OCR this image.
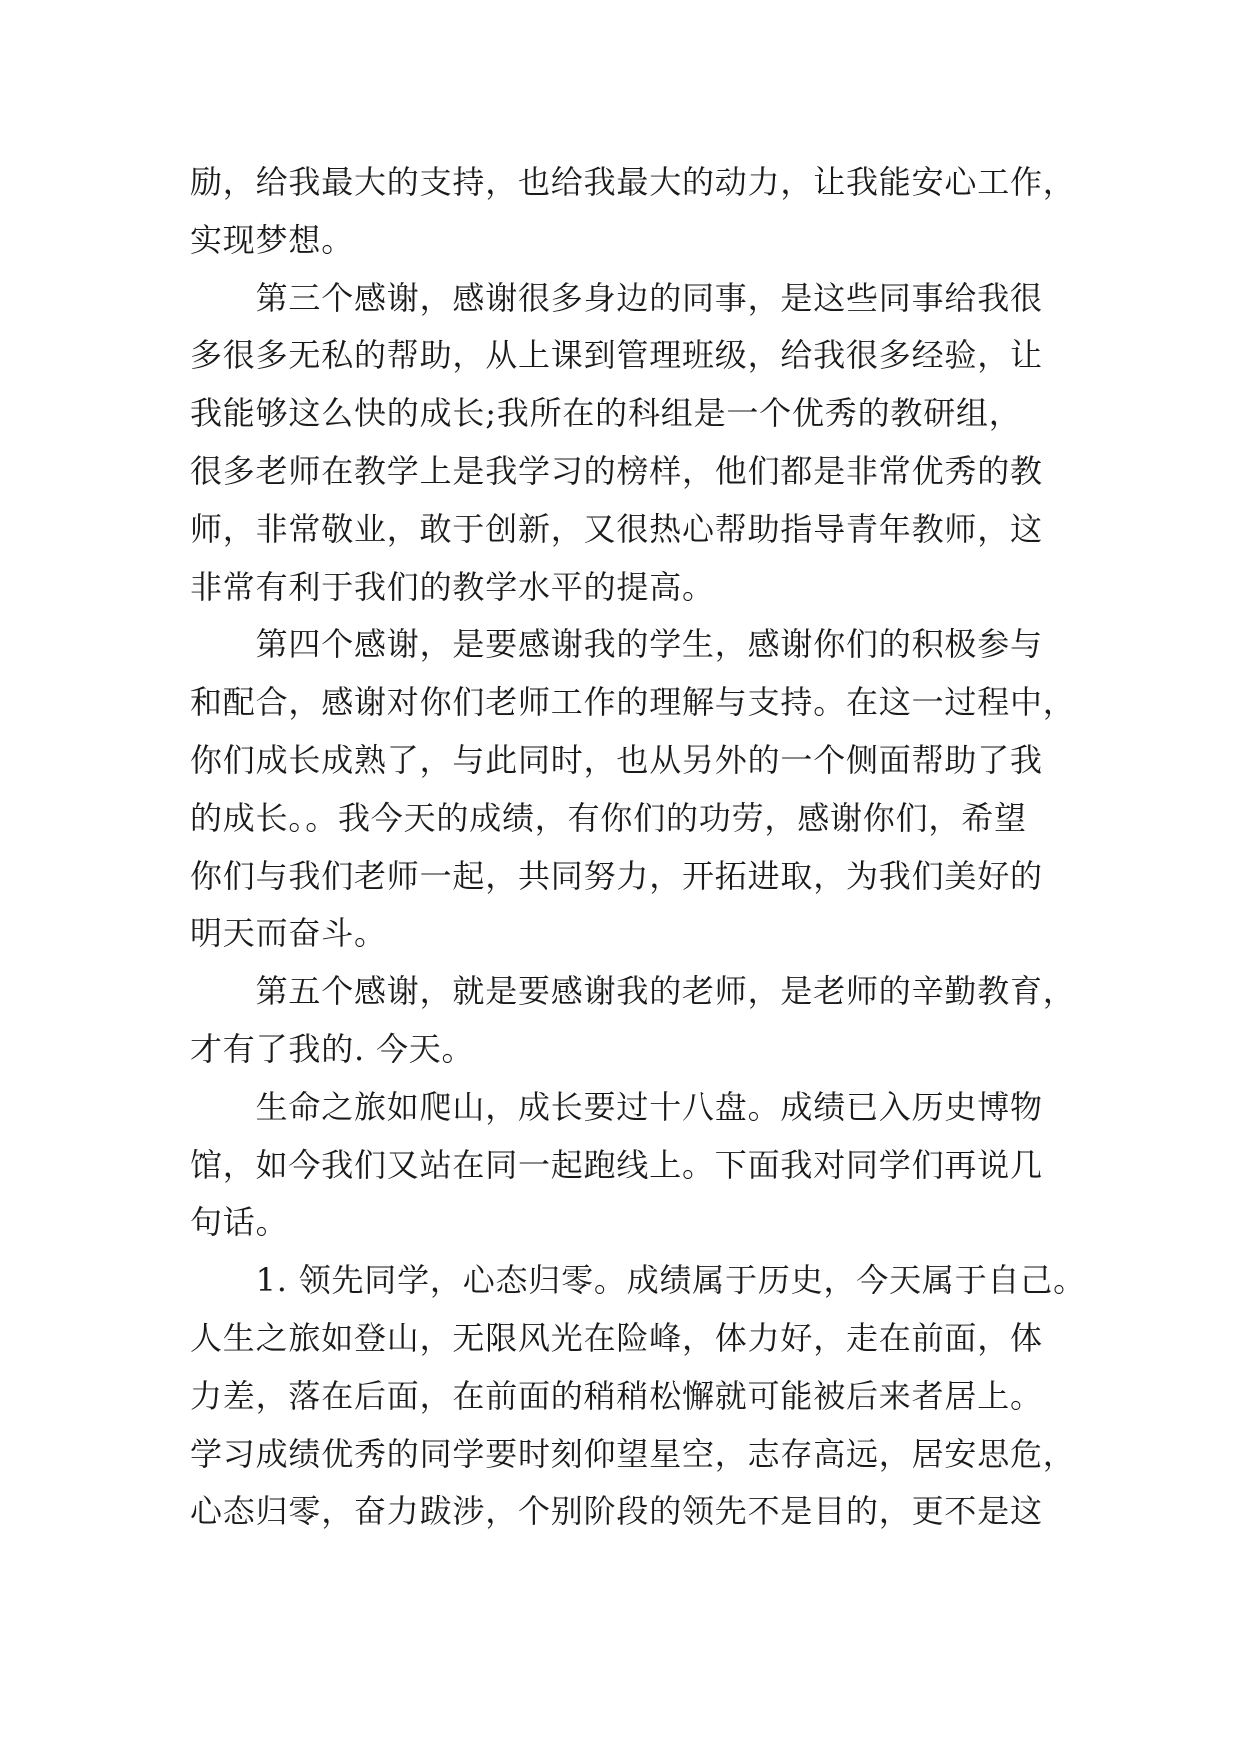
励，给我最大的支持，也给我最大的动力，让我能安心工作，
实现梦想。
　　第三个感谢，感谢很多身边的同事，是这些同事给我很
多很多无私的帮助，从上课到管理班级，给我很多经验，让
我能够这么快的成长;我所在的科组是一个优秀的教研组，
很多老师在教学上是我学习的榜样，他们都是非常优秀的教
师，非常敬业，敢于创新，又很热心帮助指导青年教师，这
非常有利于我们的教学水平的提高。
　　第四个感谢，是要感谢我的学生，感谢你们的积极参与
和配合，感谢对你们老师工作的理解与支持。在这一过程中，
你们成长成熟了，与此同时，也从另外的一个侧面帮助了我
的成长。。我今天的成绩，有你们的功劳，感谢你们，希望
你们与我们老师一起，共同努力，开拓进取，为我们美好的
明天而奋斗。
　　第五个感谢，就是要感谢我的老师，是老师的辛勤教育，
才有了我的. 今天。
　　生命之旅如爬山，成长要过十八盘。成绩已入历史博物
馆，如今我们又站在同一起跑线上。下面我对同学们再说几
句话。
　　1. 领先同学，心态归零。成绩属于历史，今天属于自己。
人生之旅如登山，无限风光在险峰，体力好，走在前面，体
力差，落在后面，在前面的稍稍松懈就可能被后来者居上。
学习成绩优秀的同学要时刻仰望星空，志存高远，居安思危，
心态归零，奋力跋涉，个别阶段的领先不是目的，更不是这
